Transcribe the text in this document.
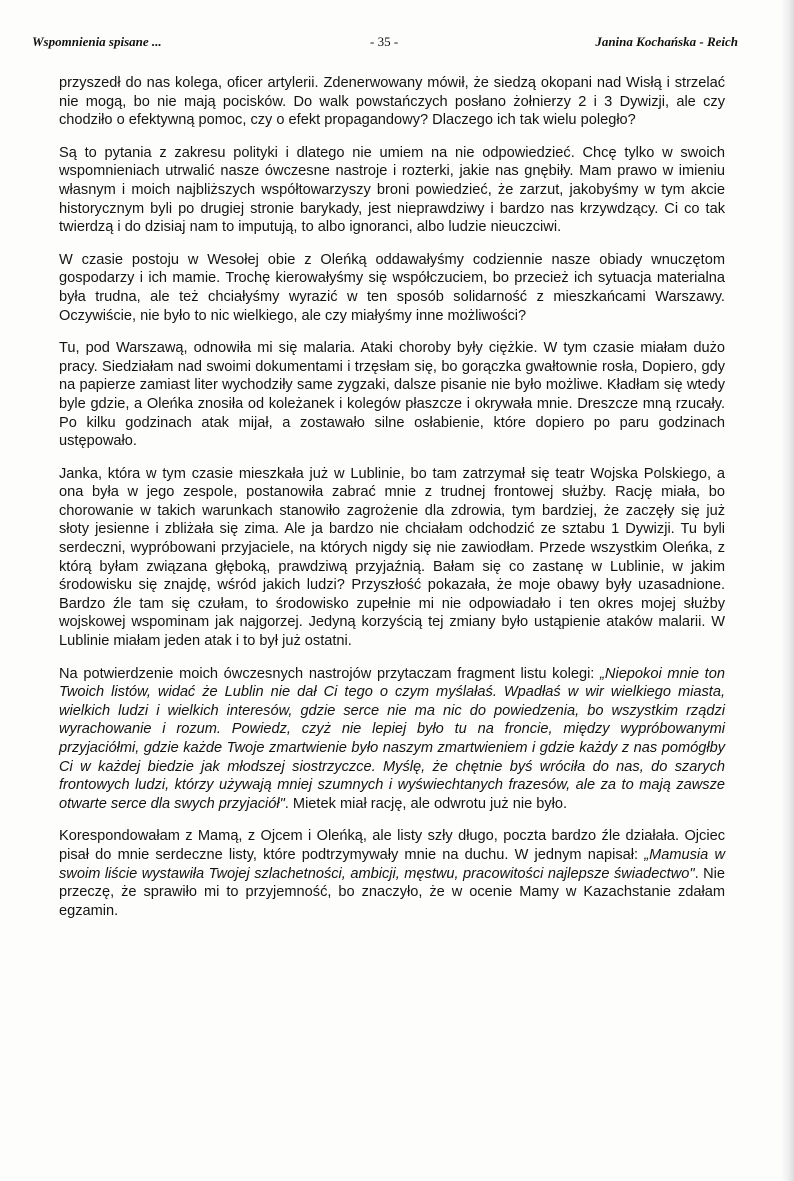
Wspomnienia spisane ...	- 35 -	Janina Kochańska - Reich

przyszedł do nas kolega, oficer artylerii. Zdenerwowany mówił, że siedzą okopani nad Wisłą i strzelać nie mogą, bo nie mają pocisków. Do walk powstańczych posłano żołnierzy 2 i 3 Dywizji, ale czy chodziło o efektywną pomoc, czy o efekt propagandowy? Dlaczego ich tak wielu poległo?

Są to pytania z zakresu polityki i dlatego nie umiem na nie odpowiedzieć. Chcę tylko w swoich wspomnieniach utrwalić nasze ówczesne nastroje i rozterki, jakie nas gnębiły. Mam prawo w imieniu własnym i moich najbliższych współtowarzyszy broni powiedzieć, że zarzut, jakobyśmy w tym akcie historycznym byli po drugiej stronie barykady, jest nieprawdziwy i bardzo nas krzywdzący. Ci co tak twierdzą i do dzisiaj nam to imputują, to albo ignoranci, albo ludzie nieuczciwi.

W czasie postoju w Wesołej obie z Oleńką oddawałyśmy codziennie nasze obiady wnuczętom gospodarzy i ich mamie. Trochę kierowałyśmy się współczuciem, bo przecież ich sytuacja materialna była trudna, ale też chciałyśmy wyrazić w ten sposób solidarność z mieszkańcami Warszawy. Oczywiście, nie było to nic wielkiego, ale czy miałyśmy inne możliwości?

Tu, pod Warszawą, odnowiła mi się malaria. Ataki choroby były ciężkie. W tym czasie miałam dużo pracy. Siedziałam nad swoimi dokumentami i trzęsłam się, bo gorączka gwałtownie rosła, Dopiero, gdy na papierze zamiast liter wychodziły same zygzaki, dalsze pisanie nie było możliwe. Kładłam się wtedy byle gdzie, a Oleńka znosiła od koleżanek i kolegów płaszcze i okrywała mnie. Dreszcze mną rzucały. Po kilku godzinach atak mijał, a zostawało silne osłabienie, które dopiero po paru godzinach ustępowało.

Janka, która w tym czasie mieszkała już w Lublinie, bo tam zatrzymał się teatr Wojska Polskiego, a ona była w jego zespole, postanowiła zabrać mnie z trudnej frontowej służby. Rację miała, bo chorowanie w takich warunkach stanowiło zagrożenie dla zdrowia, tym bardziej, że zaczęły się już słoty jesienne i zbliżała się zima. Ale ja bardzo nie chciałam odchodzić ze sztabu 1 Dywizji. Tu byli serdeczni, wypróbowani przyjaciele, na których nigdy się nie zawiodłam. Przede wszystkim Oleńka, z którą byłam związana głęboką, prawdziwą przyjaźnią. Bałam się co zastanę w Lublinie, w jakim środowisku się znajdę, wśród jakich ludzi? Przyszłość pokazała, że moje obawy były uzasadnione. Bardzo źle tam się czułam, to środowisko zupełnie mi nie odpowiadało i ten okres mojej służby wojskowej wspominam jak najgorzej. Jedyną korzyścią tej zmiany było ustąpienie ataków malarii. W Lublinie miałam jeden atak i to był już ostatni.

Na potwierdzenie moich ówczesnych nastrojów przytaczam fragment listu kolegi: „Niepokoi mnie ton Twoich listów, widać że Lublin nie dał Ci tego o czym myślałaś. Wpadłaś w wir wielkiego miasta, wielkich ludzi i wielkich interesów, gdzie serce nie ma nic do powiedzenia, bo wszystkim rządzi wyrachowanie i rozum. Powiedz, czyż nie lepiej było tu na froncie, między wypróbowanymi przyjaciółmi, gdzie każde Twoje zmartwienie było naszym zmartwieniem i gdzie każdy z nas pomógłby Ci w każdej biedzie jak młodszej siostrzyczce. Myślę, że chętnie byś wróciła do nas, do szarych frontowych ludzi, którzy używają mniej szumnych i wyświechtanych frazesów, ale za to mają zawsze otwarte serce dla swych przyjaciół". Mietek miał rację, ale odwrotu już nie było.

Korespondowałam z Mamą, z Ojcem i Oleńką, ale listy szły długo, poczta bardzo źle działała. Ojciec pisał do mnie serdeczne listy, które podtrzymywały mnie na duchu. W jednym napisał: „Mamusia w swoim liście wystawiła Twojej szlachetności, ambicji, męstwu, pracowitości najlepsze świadectwo". Nie przeczę, że sprawiło mi to przyjemność, bo znaczyło, że w ocenie Mamy w Kazachstanie zdałam egzamin.
